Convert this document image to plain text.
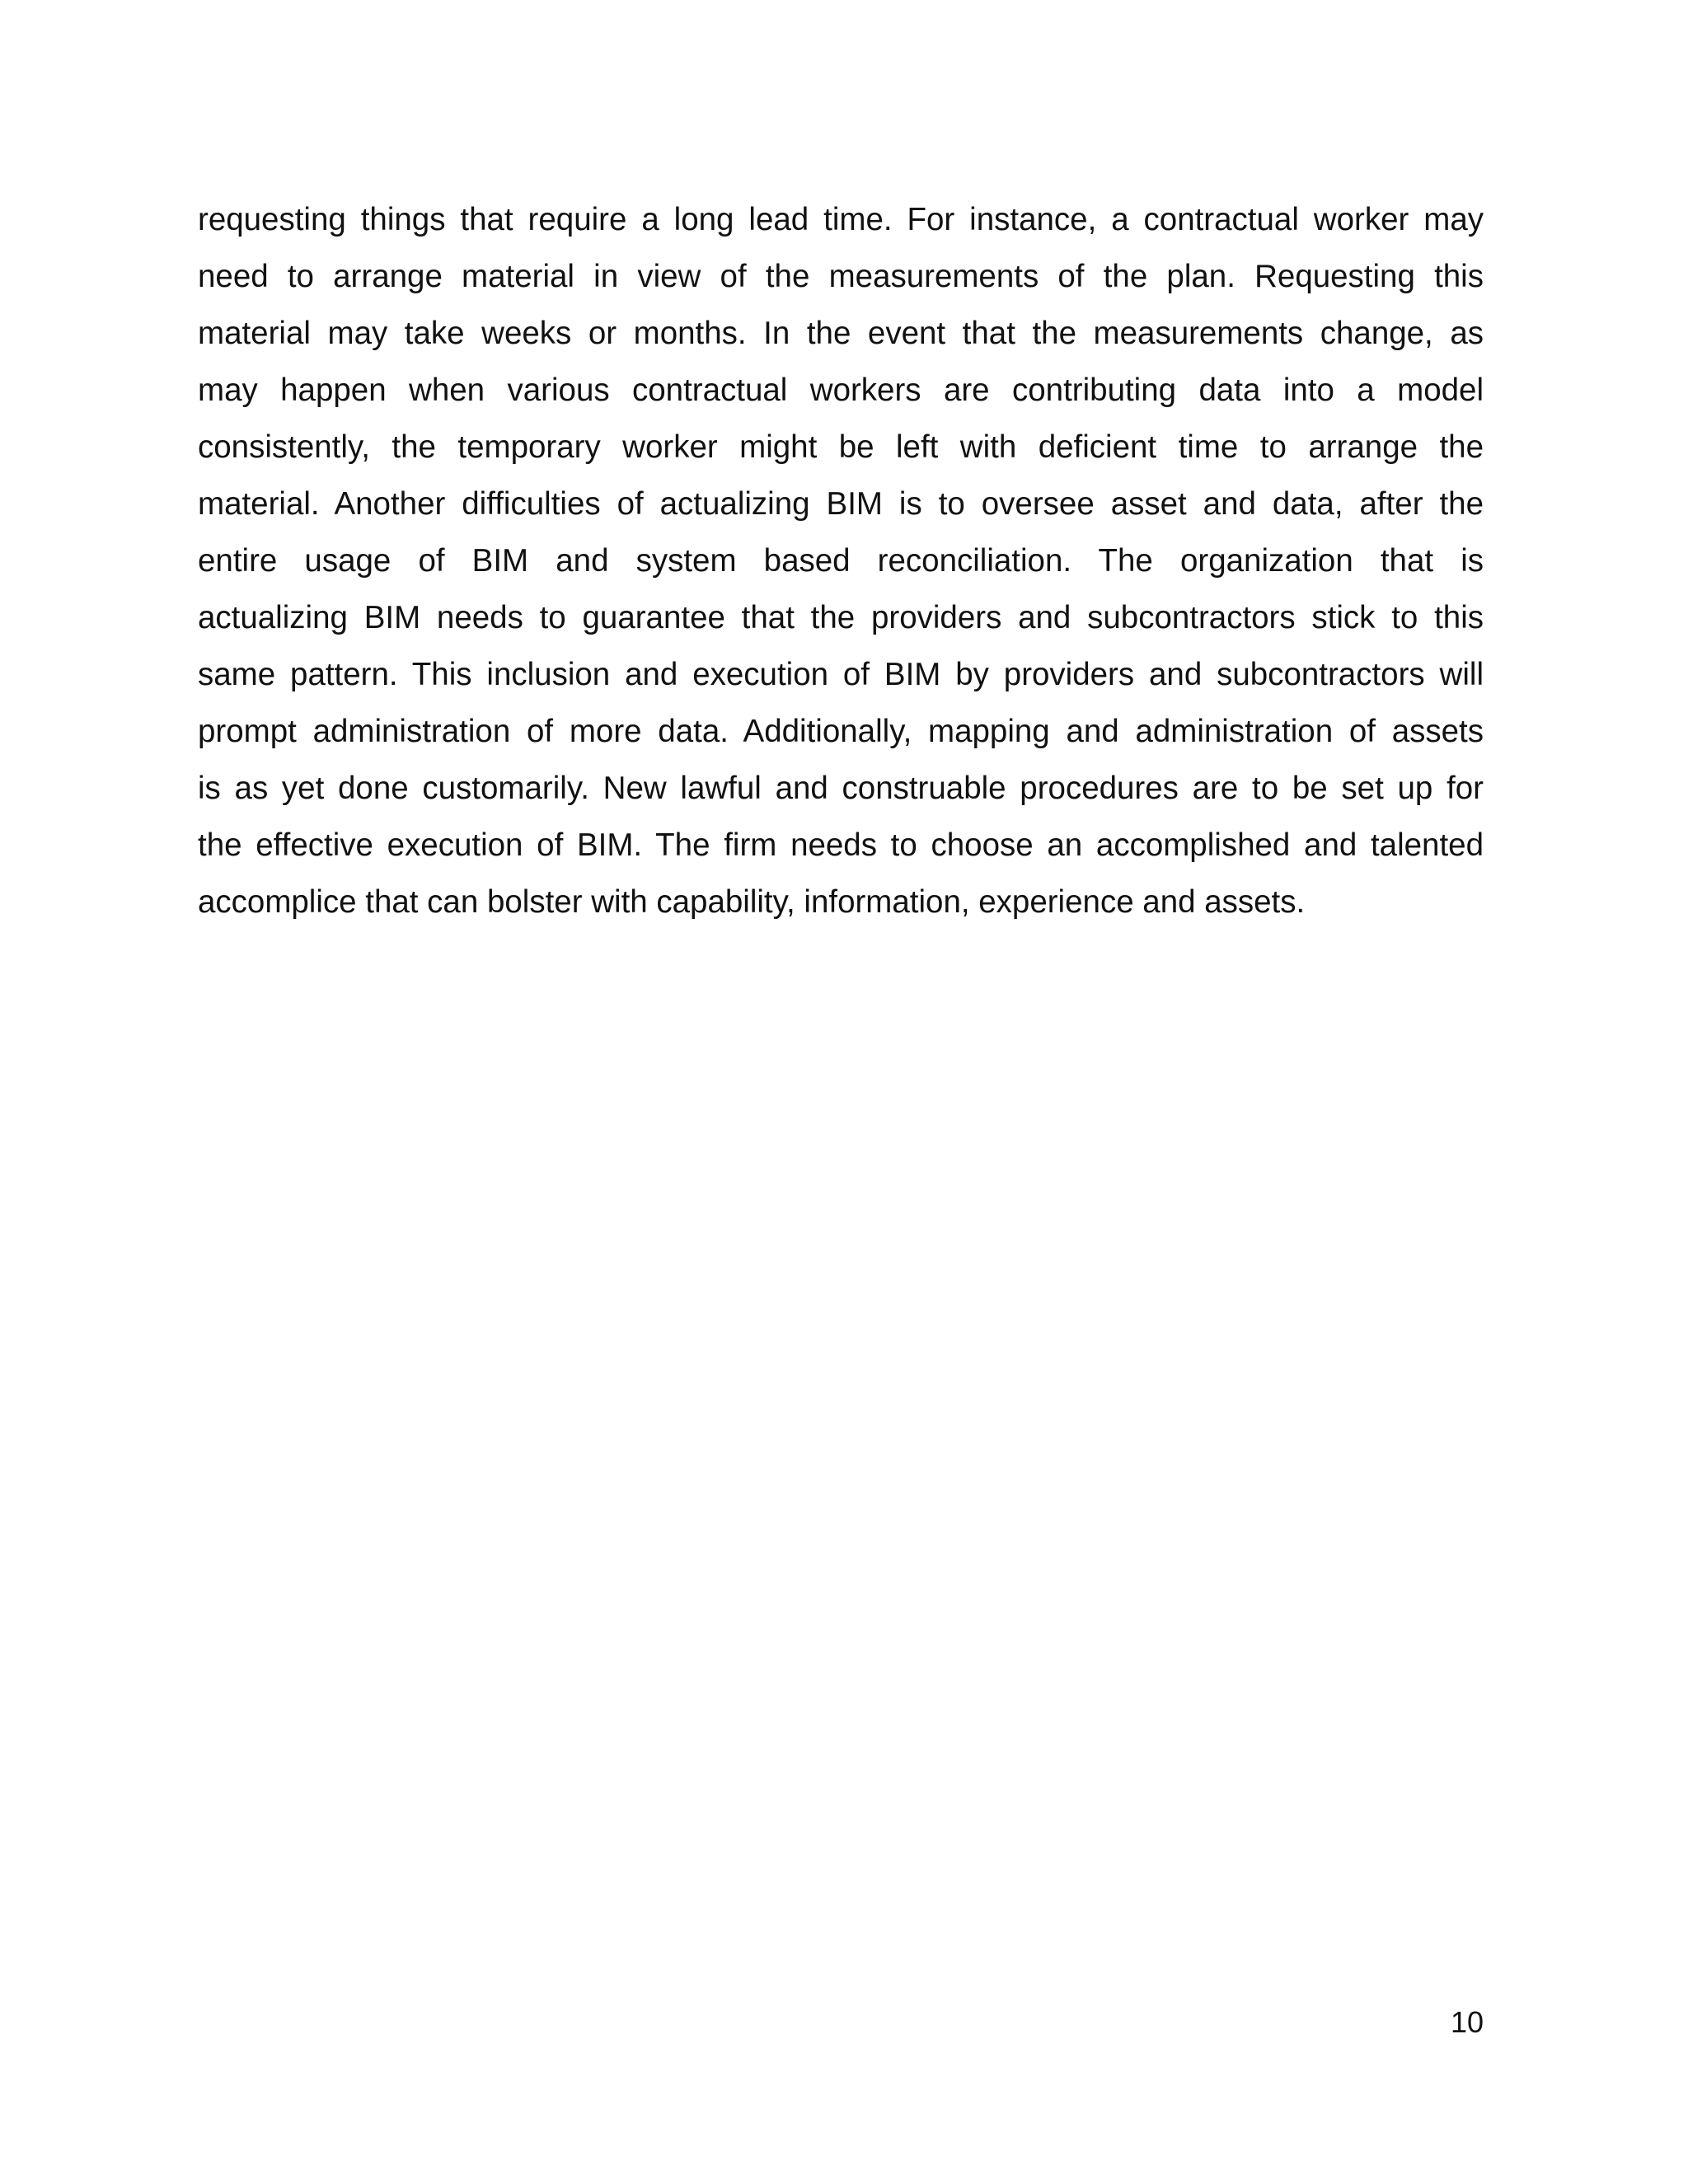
requesting things that require a long lead time. For instance, a contractual worker may
need to arrange material in view of the measurements of the plan. Requesting this
material may take weeks or months. In the event that the measurements change, as
may happen when various contractual workers are contributing data into a model
consistently, the temporary worker might be left with deficient time to arrange the
material. Another difficulties of actualizing BIM is to oversee asset and data, after the
entire usage of BIM and system based reconciliation. The organization that is
actualizing BIM needs to guarantee that the providers and subcontractors stick to this
same pattern. This inclusion and execution of BIM by providers and subcontractors will
prompt administration of more data. Additionally, mapping and administration of assets
is as yet done customarily. New lawful and construable procedures are to be set up for
the effective execution of BIM. The firm needs to choose an accomplished and talented
accomplice that can bolster with capability, information, experience and assets.
10
